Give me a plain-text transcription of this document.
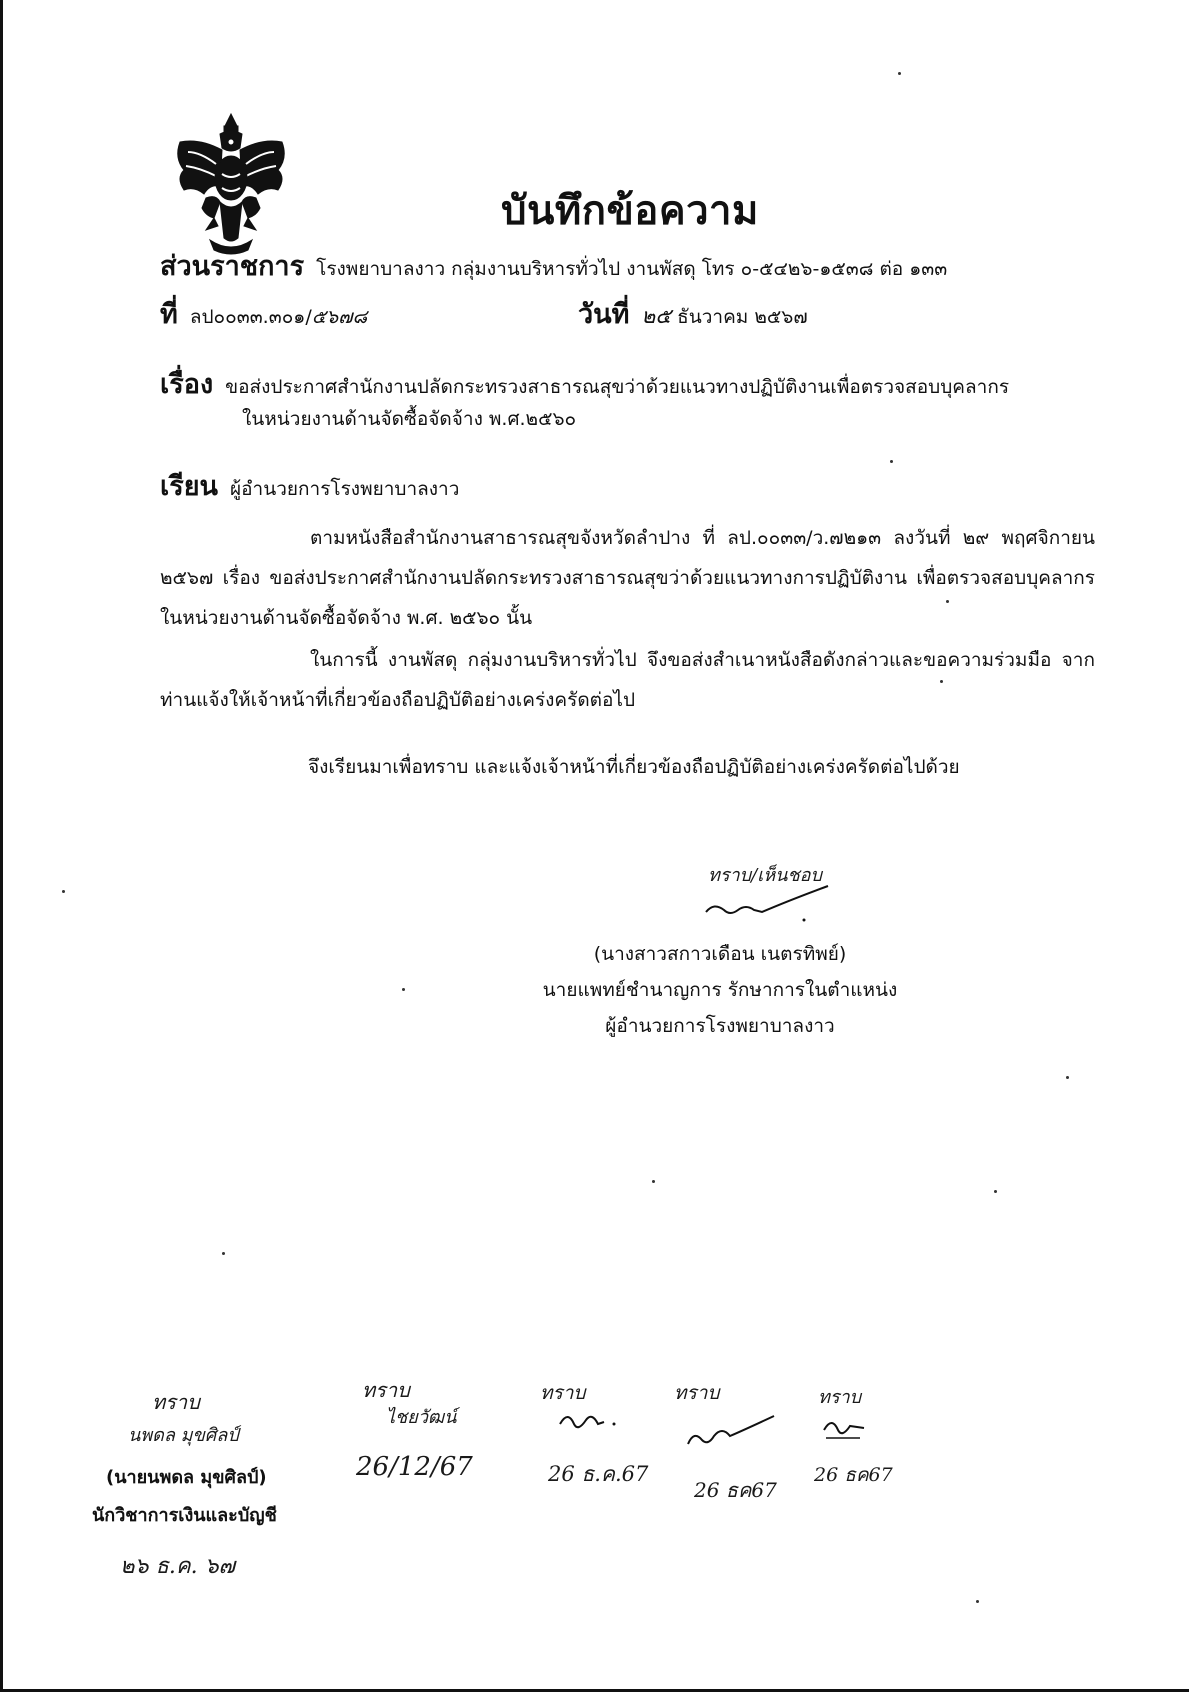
บันทึกข้อความ
ส่วนราชการ โรงพยาบาลงาว กลุ่มงานบริหารทั่วไป งานพัสดุ โทร ๐-๕๔๒๖-๑๕๓๘ ต่อ ๑๓๓
ที่ ลป๐๐๓๓.๓๐๑/๕๖๗๘	วันที่ ๒๕ ธันวาคม ๒๕๖๗
เรื่อง ขอส่งประกาศสำนักงานปลัดกระทรวงสาธารณสุขว่าด้วยแนวทางปฏิบัติงานเพื่อตรวจสอบบุคลากร
ในหน่วยงานด้านจัดซื้อจัดจ้าง พ.ศ.๒๕๖๐
เรียน ผู้อำนวยการโรงพยาบาลงาว
ตามหนังสือสำนักงานสาธารณสุขจังหวัดลำปาง ที่ ลป.๐๐๓๓/ว.๗๒๑๓ ลงวันที่ ๒๙ พฤศจิกายน ๒๕๖๗ เรื่อง ขอส่งประกาศสำนักงานปลัดกระทรวงสาธารณสุขว่าด้วยแนวทางการปฏิบัติงาน เพื่อตรวจสอบบุคลากรในหน่วยงานด้านจัดซื้อจัดจ้าง พ.ศ. ๒๕๖๐ นั้น
ในการนี้ งานพัสดุ กลุ่มงานบริหารทั่วไป จึงขอส่งสำเนาหนังสือดังกล่าวและขอความร่วมมือ จากท่านแจ้งให้เจ้าหน้าที่เกี่ยวข้องถือปฏิบัติอย่างเคร่งครัดต่อไป
จึงเรียนมาเพื่อทราบ และแจ้งเจ้าหน้าที่เกี่ยวข้องถือปฏิบัติอย่างเคร่งครัดต่อไปด้วย
ทราบ/เห็นชอบ
(นางสาวสกาวเดือน เนตรทิพย์)
นายแพทย์ชำนาญการ รักษาการในตำแหน่ง
ผู้อำนวยการโรงพยาบาลงาว
ทราบ
นพดล มุขศิลป์
(นายนพดล มุขศิลป์)
นักวิชาการเงินและบัญชี
๒๖ ธ.ค. ๖๗
ทราบ
ไชยวัฒน์
26/12/67
ทราบ
26 ธ.ค.67
ทราบ
26 ธค67
ทราบ
26 ธค67
